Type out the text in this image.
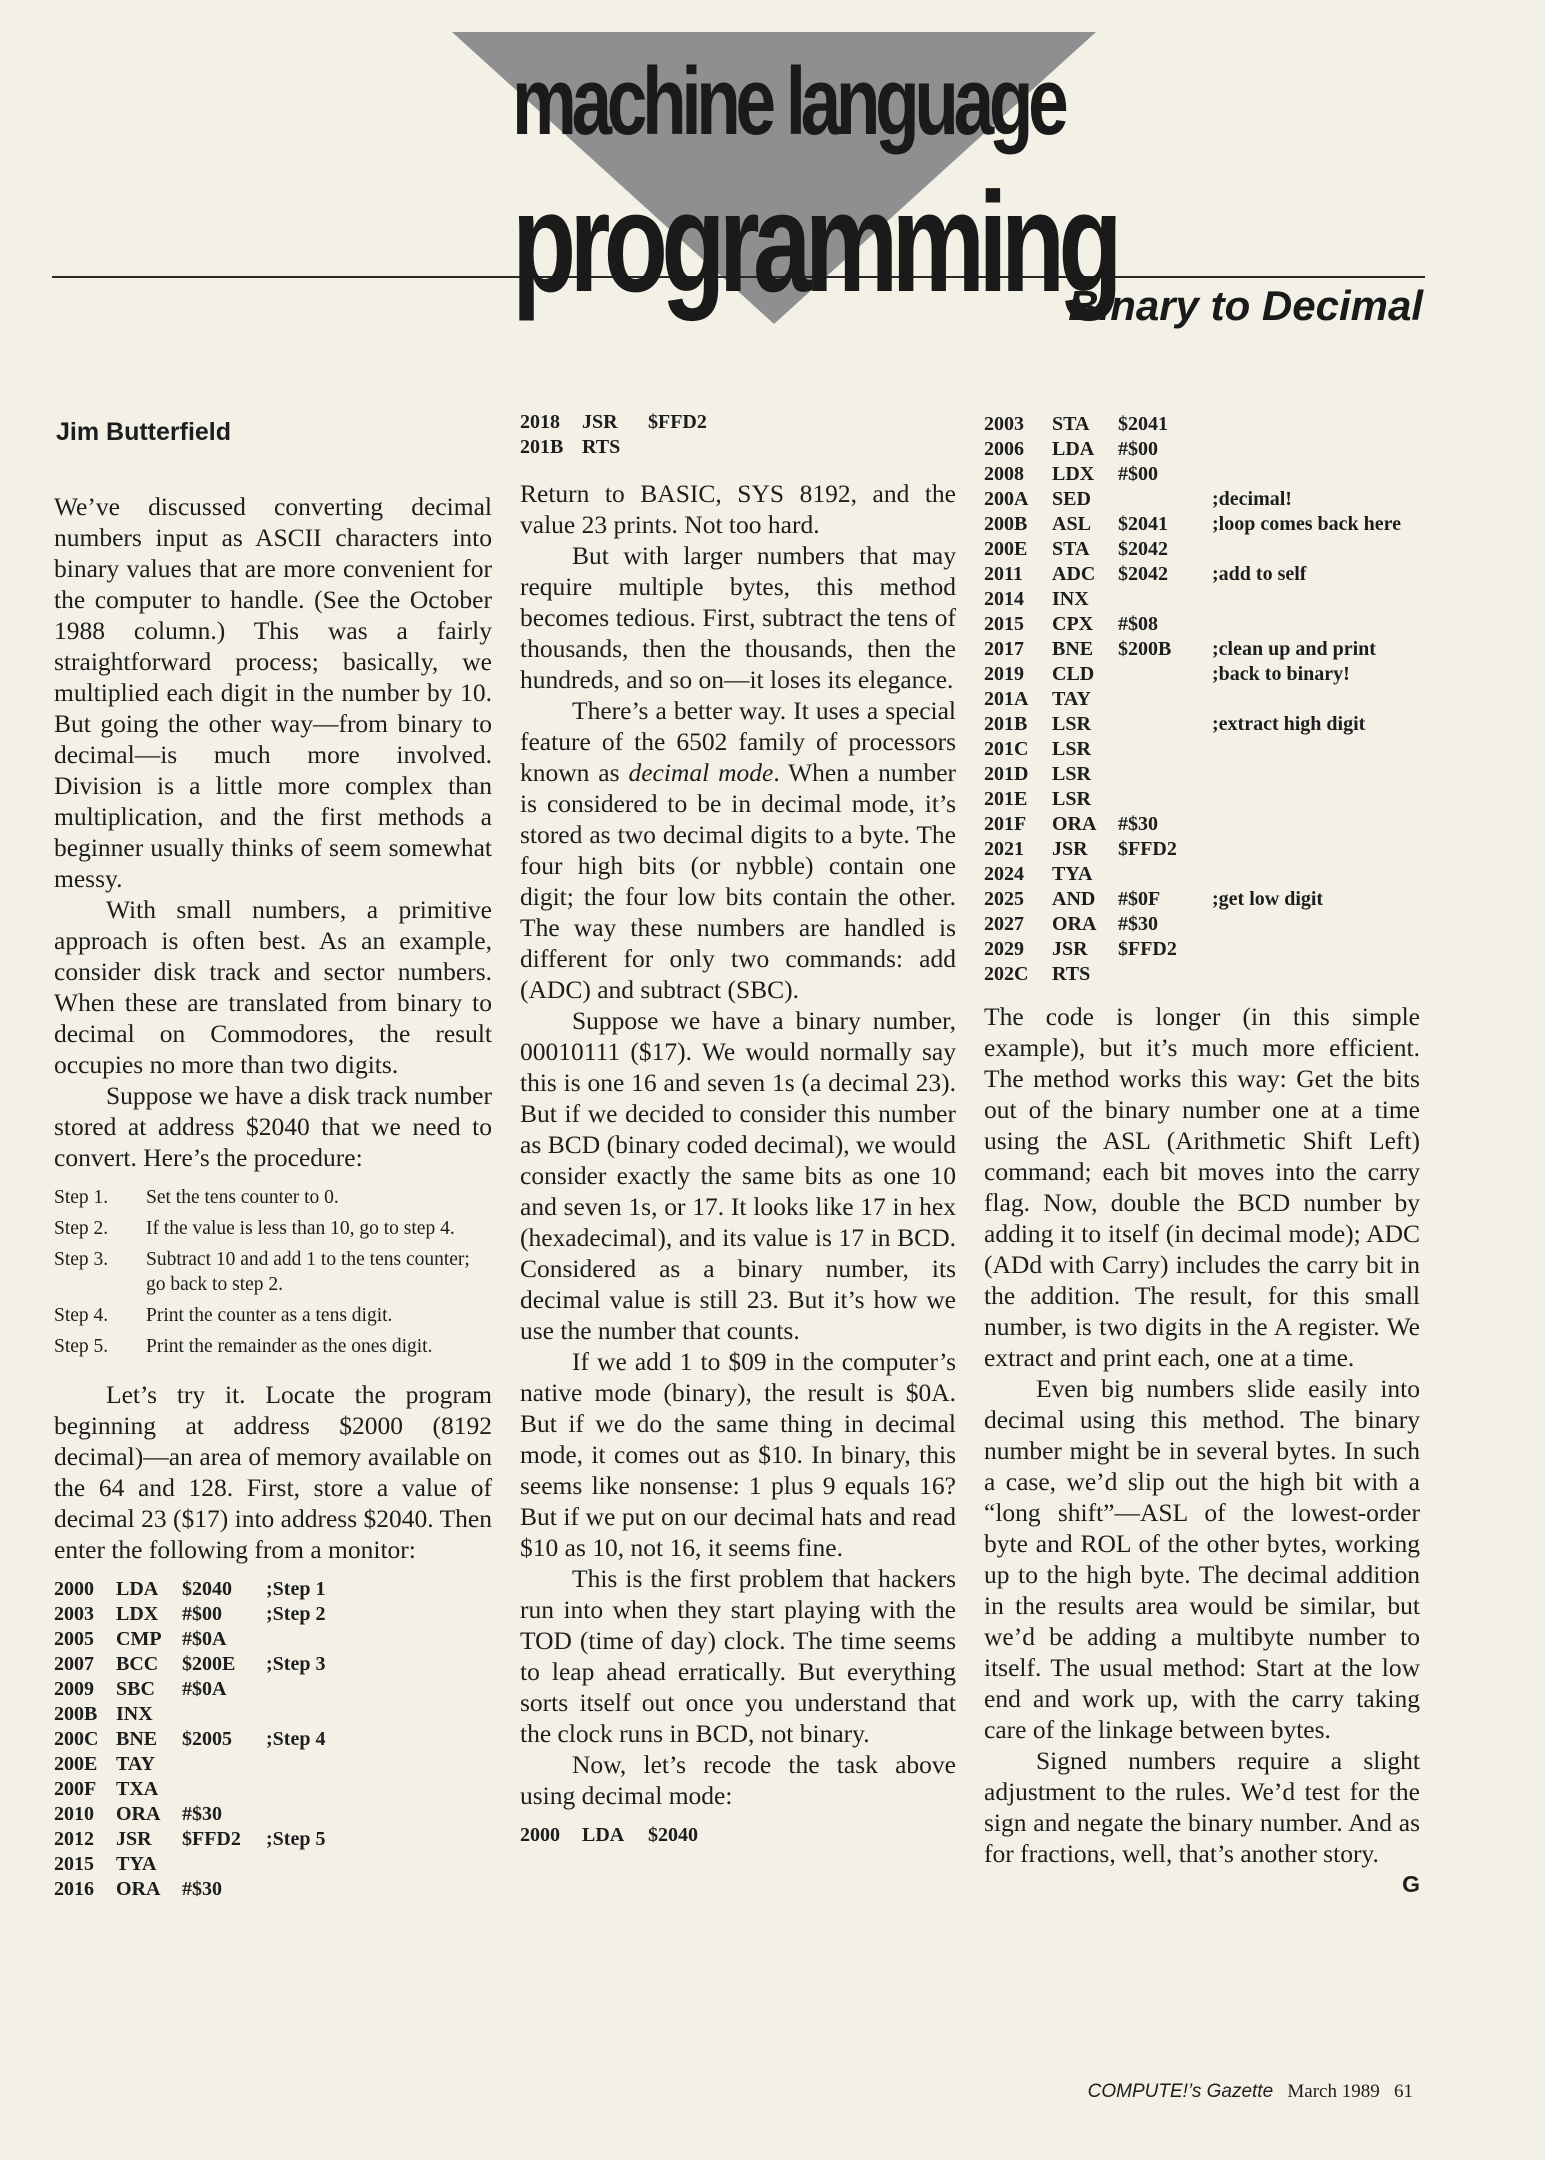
machine language
programming
Binary to Decimal
Jim Butterfield

We’ve discussed converting decimal numbers input as ASCII characters into binary values that are more convenient for the computer to handle. (See the October 1988 column.) This was a fairly straightforward process; basically, we multiplied each digit in the number by 10. But going the other way—from binary to decimal—is much more involved. Division is a little more complex than multiplication, and the first methods a beginner usually thinks of seem somewhat messy.

With small numbers, a primitive approach is often best. As an example, consider disk track and sector numbers. When these are translated from binary to decimal on Commodores, the result occupies no more than two digits.

Suppose we have a disk track number stored at address $2040 that we need to convert. Here’s the procedure:

Step 1.	Set the tens counter to 0.
Step 2.	If the value is less than 10, go to step 4.
Step 3.	Subtract 10 and add 1 to the tens counter; go back to step 2.
Step 4.	Print the counter as a tens digit.
Step 5.	Print the remainder as the ones digit.

Let’s try it. Locate the program beginning at address $2000 (8192 decimal)—an area of memory available on the 64 and 128. First, store a value of decimal 23 ($17) into address $2040. Then enter the following from a monitor:

2000	LDA	$2040	;Step 1
2003	LDX	#$00	;Step 2
2005	CMP	#$0A
2007	BCC	$200E	;Step 3
2009	SBC	#$0A
200B INX
200C BNE	$2005	;Step 4
200E TAY
200F TXA
2010	ORA	#$30
2012	JSR	$FFD2	;Step 5
2015	TYA
2016	ORA	#$30
2018	JSR	$FFD2
201B RTS

Return to BASIC, SYS 8192, and the value 23 prints. Not too hard.

But with larger numbers that may require multiple bytes, this method becomes tedious. First, subtract the tens of thousands, then the thousands, then the hundreds, and so on—it loses its elegance.

There’s a better way. It uses a special feature of the 6502 family of processors known as decimal mode. When a number is considered to be in decimal mode, it’s stored as two decimal digits to a byte. The four high bits (or nybble) contain one digit; the four low bits contain the other. The way these numbers are handled is different for only two commands: add (ADC) and subtract (SBC).

Suppose we have a binary number, 00010111 ($17). We would normally say this is one 16 and seven 1s (a decimal 23). But if we decided to consider this number as BCD (binary coded decimal), we would consider exactly the same bits as one 10 and seven 1s, or 17. It looks like 17 in hex (hexadecimal), and its value is 17 in BCD. Considered as a binary number, its decimal value is still 23. But it’s how we use the number that counts.

If we add 1 to $09 in the computer’s native mode (binary), the result is $0A. But if we do the same thing in decimal mode, it comes out as $10. In binary, this seems like nonsense: 1 plus 9 equals 16? But if we put on our decimal hats and read $10 as 10, not 16, it seems fine.

This is the first problem that hackers run into when they start playing with the TOD (time of day) clock. The time seems to leap ahead erratically. But everything sorts itself out once you understand that the clock runs in BCD, not binary.

Now, let’s recode the task above using decimal mode:

2000	LDA	$2040
2003	STA	$2041
2006	LDA	#$00
2008	LDX	#$00
200A	SED	;decimal!
200B	ASL	$2041	;loop comes back here
200E	STA	$2042
2011	ADC	$2042	;add to self
2014	INX
2015	CPX	#$08
2017	BNE	$200B	;clean up and print
2019	CLD	;back to binary!
201A	TAY
201B	LSR	;extract high digit
201C	LSR
201D	LSR
201E	LSR
201F	ORA	#$30
2021	JSR	$FFD2
2024	TYA
2025	AND	#$0F	;get low digit
2027	ORA	#$30
2029	JSR	$FFD2
202C	RTS

The code is longer (in this simple example), but it’s much more efficient. The method works this way: Get the bits out of the binary number one at a time using the ASL (Arithmetic Shift Left) command; each bit moves into the carry flag. Now, double the BCD number by adding it to itself (in decimal mode); ADC (ADd with Carry) includes the carry bit in the addition. The result, for this small number, is two digits in the A register. We extract and print each, one at a time.

Even big numbers slide easily into decimal using this method. The binary number might be in several bytes. In such a case, we’d slip out the high bit with a “long shift”—ASL of the lowest-order byte and ROL of the other bytes, working up to the high byte. The decimal addition in the results area would be similar, but we’d be adding a multibyte number to itself. The usual method: Start at the low end and work up, with the carry taking care of the linkage between bytes.

Signed numbers require a slight adjustment to the rules. We’d test for the sign and negate the binary number. And as for fractions, well, that’s another story.
G

COMPUTE!’s Gazette March 1989 61
